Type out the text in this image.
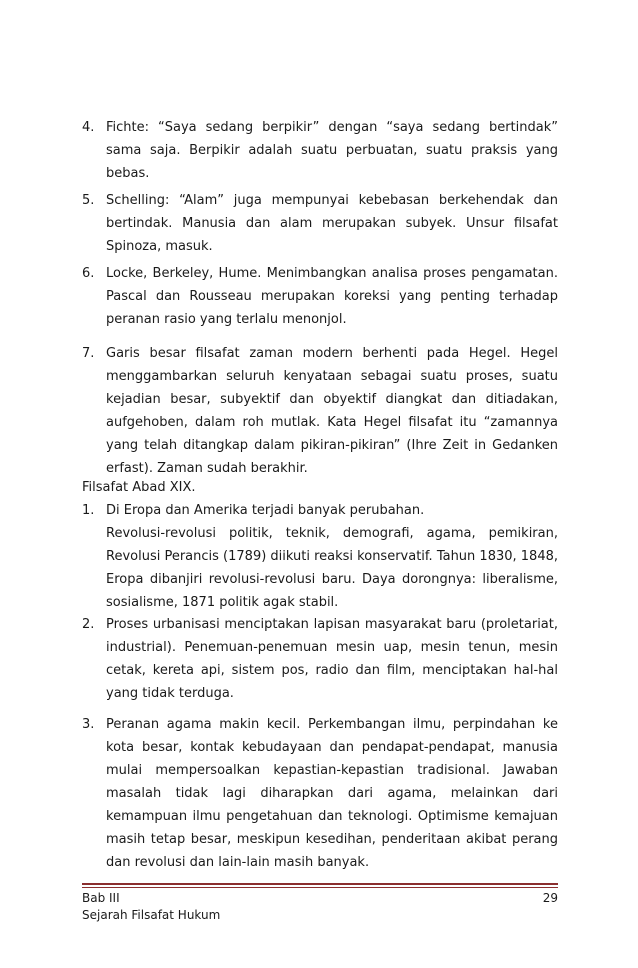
4. Fichte: “Saya sedang berpikir” dengan “saya sedang bertindak” sama saja. Berpikir adalah suatu perbuatan, suatu praksis yang bebas.
5. Schelling: “Alam” juga mempunyai kebebasan berkehendak dan bertindak. Manusia dan alam merupakan subyek. Unsur filsafat Spinoza, masuk.
6. Locke, Berkeley, Hume. Menimbangkan analisa proses pengamatan. Pascal dan Rousseau merupakan koreksi yang penting terhadap peranan rasio yang terlalu menonjol.
7. Garis besar filsafat zaman modern berhenti pada Hegel. Hegel menggambarkan seluruh kenyataan sebagai suatu proses, suatu kejadian besar, subyektif dan obyektif diangkat dan ditiadakan, aufgehoben, dalam roh mutlak. Kata Hegel filsafat itu “zamannya yang telah ditangkap dalam pikiran-pikiran” (Ihre Zeit in Gedanken erfast). Zaman sudah berakhir.
Filsafat Abad XIX.
1. Di Eropa dan Amerika terjadi banyak perubahan.
Revolusi-revolusi politik, teknik, demografi, agama, pemikiran, Revolusi Perancis (1789) diikuti reaksi konservatif. Tahun 1830, 1848, Eropa dibanjiri revolusi-revolusi baru. Daya dorongnya: liberalisme, sosialisme, 1871 politik agak stabil.
2. Proses urbanisasi menciptakan lapisan masyarakat baru (proletariat, industrial). Penemuan-penemuan mesin uap, mesin tenun, mesin cetak, kereta api, sistem pos, radio dan film, menciptakan hal-hal yang tidak terduga.
3. Peranan agama makin kecil. Perkembangan ilmu, perpindahan ke kota besar, kontak kebudayaan dan pendapat-pendapat, manusia mulai mempersoalkan kepastian-kepastian tradisional. Jawaban masalah tidak lagi diharapkan dari agama, melainkan dari kemampuan ilmu pengetahuan dan teknologi. Optimisme kemajuan masih tetap besar, meskipun kesedihan, penderitaan akibat perang dan revolusi dan lain-lain masih banyak.
Bab III
Sejarah Filsafat Hukum
29
